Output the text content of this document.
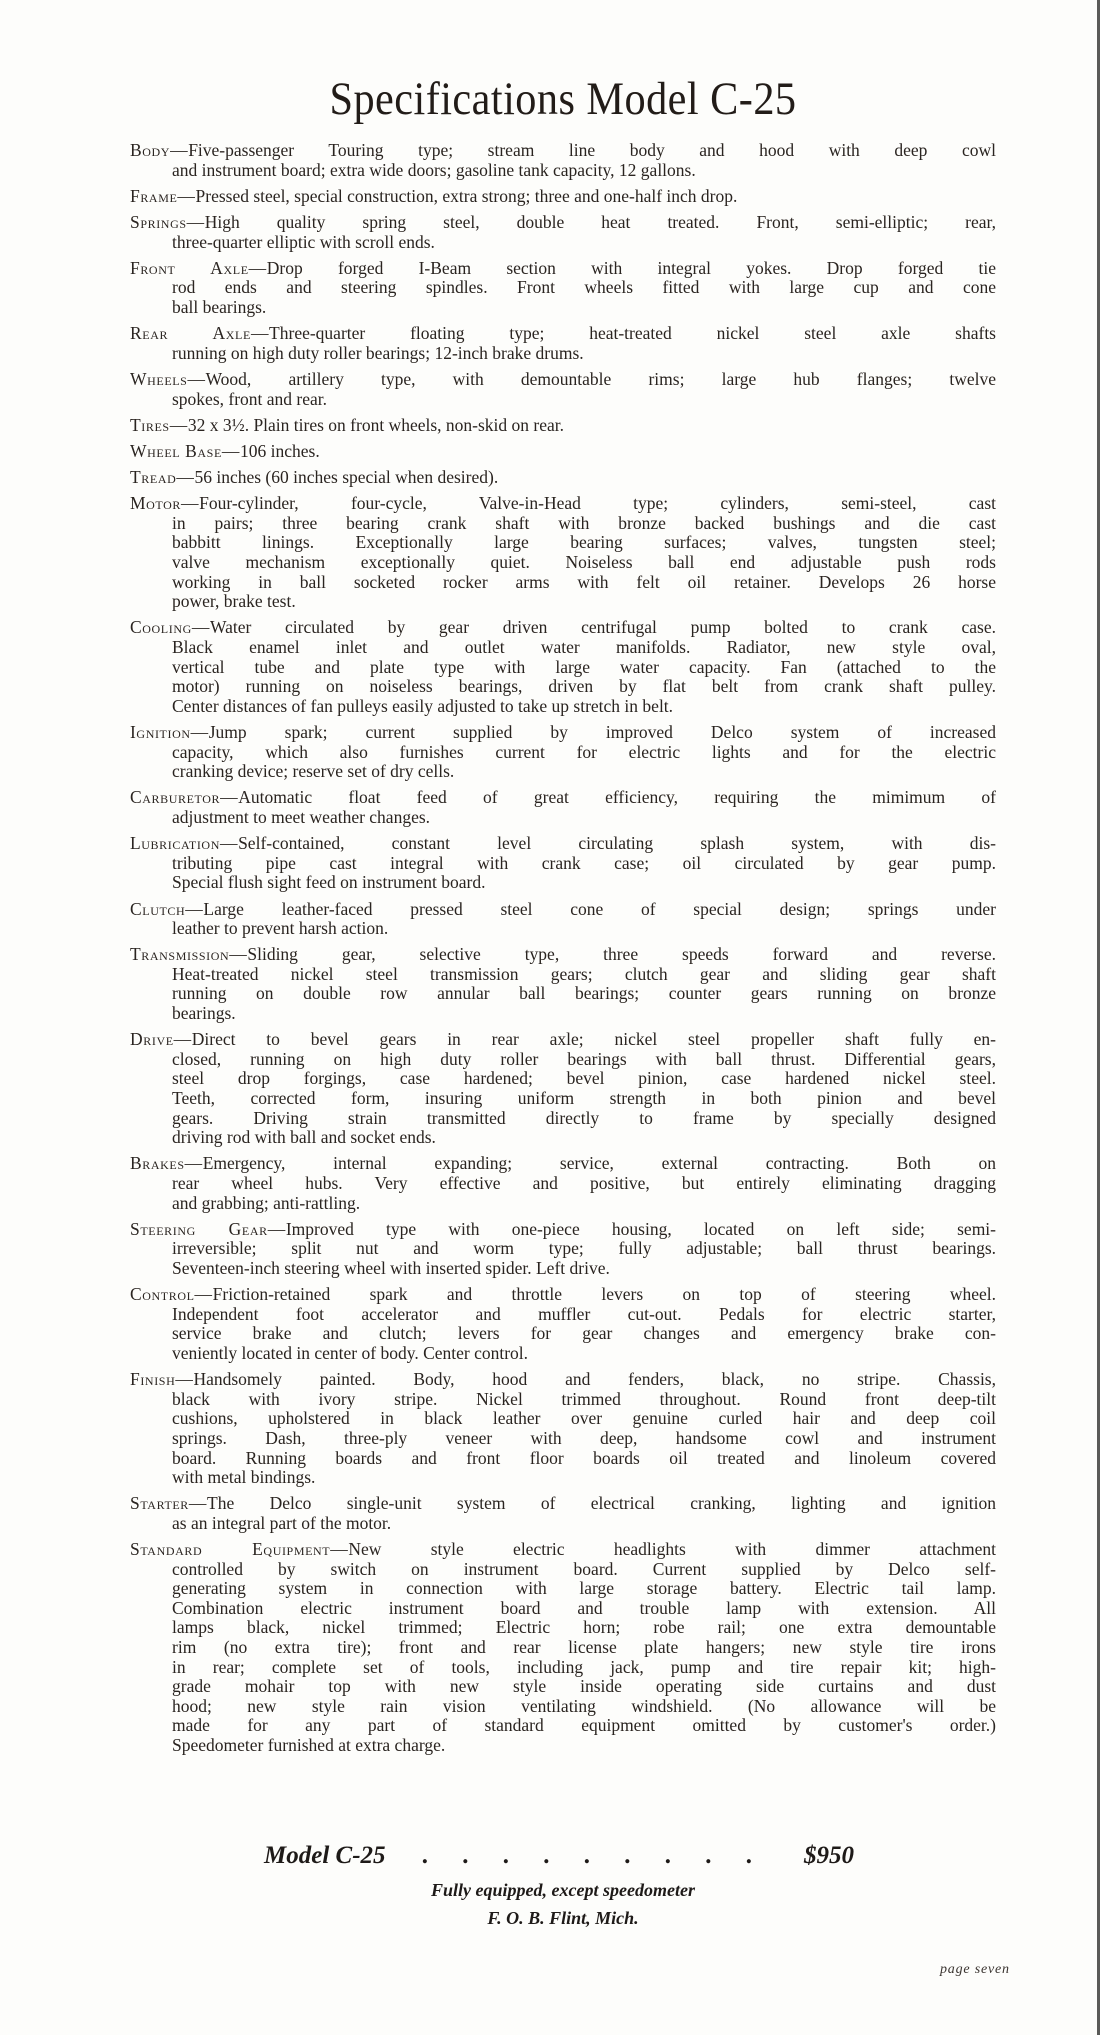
Specifications Model C-25
Body — Five-passenger Touring type; stream line body and hood with deep cowl
and instrument board; extra wide doors; gasoline tank capacity, 12 gallons.
Frame — Pressed steel, special construction, extra strong; three and one-half inch drop.
Springs — High quality spring steel, double heat treated. Front, semi-elliptic; rear,
three-quarter elliptic with scroll ends.
Front Axle — Drop forged I-Beam section with integral yokes. Drop forged tie
rod ends and steering spindles. Front wheels fitted with large cup and cone
ball bearings.
Rear Axle — Three-quarter floating type; heat-treated nickel steel axle shafts
running on high duty roller bearings; 12-inch brake drums.
Wheels — Wood, artillery type, with demountable rims; large hub flanges; twelve
spokes, front and rear.
Tires — 32 x 3½. Plain tires on front wheels, non-skid on rear.
Wheel Base — 106 inches.
Tread — 56 inches (60 inches special when desired).
Motor — Four-cylinder, four-cycle, Valve-in-Head type; cylinders, semi-steel, cast
in pairs; three bearing crank shaft with bronze backed bushings and die cast
babbitt linings. Exceptionally large bearing surfaces; valves, tungsten steel;
valve mechanism exceptionally quiet. Noiseless ball end adjustable push rods
working in ball socketed rocker arms with felt oil retainer. Develops 26 horse
power, brake test.
Cooling — Water circulated by gear driven centrifugal pump bolted to crank case.
Black enamel inlet and outlet water manifolds. Radiator, new style oval,
vertical tube and plate type with large water capacity. Fan (attached to the
motor) running on noiseless bearings, driven by flat belt from crank shaft pulley.
Center distances of fan pulleys easily adjusted to take up stretch in belt.
Ignition — Jump spark; current supplied by improved Delco system of increased
capacity, which also furnishes current for electric lights and for the electric
cranking device; reserve set of dry cells.
Carburetor — Automatic float feed of great efficiency, requiring the mimimum of
adjustment to meet weather changes.
Lubrication — Self-contained, constant level circulating splash system, with dis-
tributing pipe cast integral with crank case; oil circulated by gear pump.
Special flush sight feed on instrument board.
Clutch — Large leather-faced pressed steel cone of special design; springs under
leather to prevent harsh action.
Transmission — Sliding gear, selective type, three speeds forward and reverse.
Heat-treated nickel steel transmission gears; clutch gear and sliding gear shaft
running on double row annular ball bearings; counter gears running on bronze
bearings.
Drive — Direct to bevel gears in rear axle; nickel steel propeller shaft fully en-
closed, running on high duty roller bearings with ball thrust. Differential gears,
steel drop forgings, case hardened; bevel pinion, case hardened nickel steel.
Teeth, corrected form, insuring uniform strength in both pinion and bevel
gears. Driving strain transmitted directly to frame by specially designed
driving rod with ball and socket ends.
Brakes — Emergency, internal expanding; service, external contracting. Both on
rear wheel hubs. Very effective and positive, but entirely eliminating dragging
and grabbing; anti-rattling.
Steering Gear — Improved type with one-piece housing, located on left side; semi-
irreversible; split nut and worm type; fully adjustable; ball thrust bearings.
Seventeen-inch steering wheel with inserted spider. Left drive.
Control — Friction-retained spark and throttle levers on top of steering wheel.
Independent foot accelerator and muffler cut-out. Pedals for electric starter,
service brake and clutch; levers for gear changes and emergency brake con-
veniently located in center of body. Center control.
Finish — Handsomely painted. Body, hood and fenders, black, no stripe. Chassis,
black with ivory stripe. Nickel trimmed throughout. Round front deep-tilt
cushions, upholstered in black leather over genuine curled hair and deep coil
springs. Dash, three-ply veneer with deep, handsome cowl and instrument
board. Running boards and front floor boards oil treated and linoleum covered
with metal bindings.
Starter — The Delco single-unit system of electrical cranking, lighting and ignition
as an integral part of the motor.
Standard Equipment — New style electric headlights with dimmer attachment
controlled by switch on instrument board. Current supplied by Delco self-
generating system in connection with large storage battery. Electric tail lamp.
Combination electric instrument board and trouble lamp with extension. All
lamps black, nickel trimmed; Electric horn; robe rail; one extra demountable
rim (no extra tire); front and rear license plate hangers; new style tire irons
in rear; complete set of tools, including jack, pump and tire repair kit; high-
grade mohair top with new style inside operating side curtains and dust
hood; new style rain vision ventilating windshield. (No allowance will be
made for any part of standard equipment omitted by customer's order.)
Speedometer furnished at extra charge.
Model C-25 . . . . . . . . . $950
Fully equipped, except speedometer
F. O. B. Flint, Mich.
page seven
